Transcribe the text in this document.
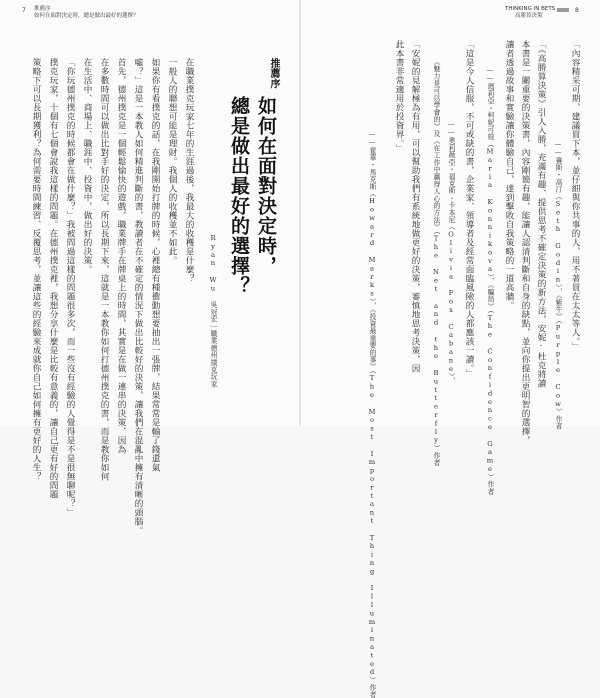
7 推薦序
如何在面對決定時，總是做出最好的選擇？
在職業撲克玩家七年的生涯過後，我最大的收穫是什麼？
一般人的聯想可能是理財。我個人的收穫並不如此。
如果你有看撲克的話，在我剛開始打牌的時候，心裡總有種衝動想要抽出一張牌，結果常常是輸了錢還氣
噓？」這是一本教人如何精進判斷的書，教讀者在不確定的情況下做出比較好的決策，讓我們在混亂中擁有清晰的頭腦。
首先，德州撲克是一個輕鬆愉快的遊戲，職業牌手在牌桌上的時間，其實是在做一連串的決策，因為
在多數時間可以做出比對手好的決定，所以長期下來，這就是一本教你如何打德州撲克的書，而是教你如何
在生活中、商場上、職涯中、投資中，做出好的決策。
「你玩德州撲克的時候都會在做什麼？」我被問過這樣的問題很多次，而一些沒有經驗的人覺得是不是很無聊呢？」
撲克玩家，十個有七個會說我這樣的問題。在德州撲克裡，我想分享什麼是比較有意義的，讓自己更有好的問題
策略下可以長期獲利？為何需要時間練習、反覆思考，並讓這些的經驗來成就你自己如何擁有更好的人生？	Ryan Wu 吳冠宏｜職業德州撲克玩家
如何在面對決定時，
總是做出最好的選擇？
推薦序
THINKING IN BETS
高勝算決策
8
「內容精采可期，建議買下本，並仔細與你共事的人，用不著買在太太等人。」
——賽斯・高汀（Seth Godin），《紫牛》（Purple Cow）作者
「《高勝算決策》引人入勝，充滿有趣、提供思考不確定決策的新方法，安妮·杜克將讀
本書是一關重要的決策書，內容剛簡有趣，能讓人認清判斷和自身的缺點，並向你提出更明智的選擇，
讓者透過故事和實驗讓你體驗自己，達到擊敗自我策略的一道高牆。
——瑪莉亞・柯妮可娃（Maria Konnikova），《騙局》（The Confidence Game）作者
「這是今人信服，不可或缺的書，企業家、領導者及經常面臨風險的人都應該一讀。」
——奧莉薇亞・福克斯・卡本尼（Olivia Fox Cabane），
《魅力是可以學會的》及《在工作中贏得人心的方法》（The Net and the Butterfly）作者
「安妮的見解極為有用，可以幫助我們有系統地做更好的決策，審慎地思考決策，因
此本書非常適用於投資界。」
——霍華・馬克斯（Howard Marks），《投資最重要的事》（The Most Important Thing Illuminated）作者
